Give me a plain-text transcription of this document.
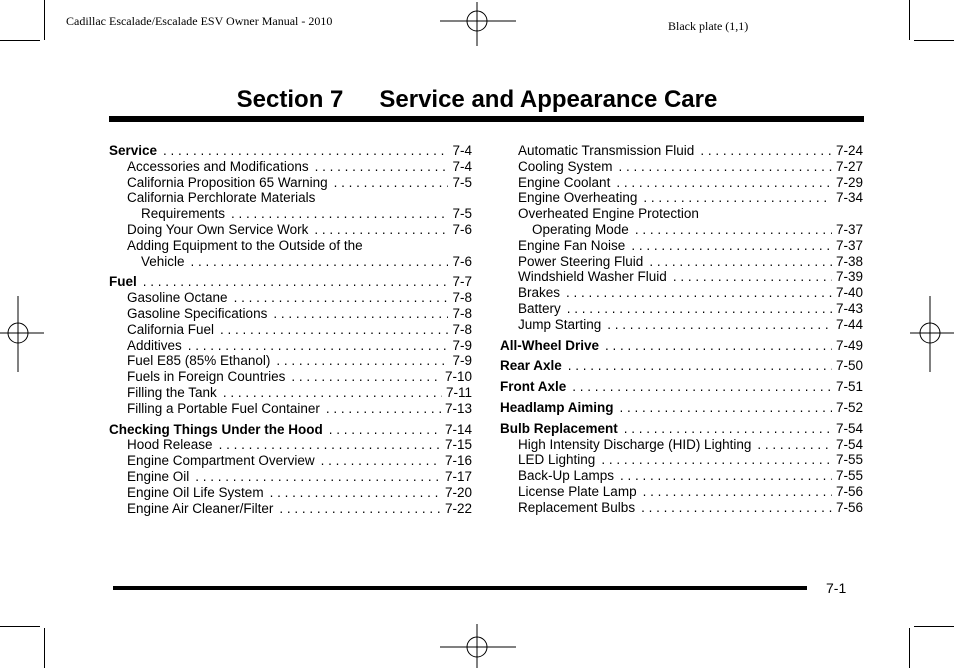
Cadillac Escalade/Escalade ESV Owner Manual - 2010	Black plate (1,1)
Section 7 Service and Appearance Care
Service . . .	7-4
Accessories and Modifications . . .	7-4
California Proposition 65 Warning . . .	7-5
California Perchlorate Materials
Requirements . . .	7-5
Doing Your Own Service Work . . .	7-6
Adding Equipment to the Outside of the
Vehicle . . .	7-6
Fuel . . .	7-7
Gasoline Octane . . .	7-8
Gasoline Specifications . . .	7-8
California Fuel . . .	7-8
Additives . . .	7-9
Fuel E85 (85% Ethanol) . . .	7-9
Fuels in Foreign Countries . . .	7-10
Filling the Tank . . .	7-11
Filling a Portable Fuel Container . . .	7-13
Checking Things Under the Hood . . .	7-14
Hood Release . . .	7-15
Engine Compartment Overview . . .	7-16
Engine Oil . . .	7-17
Engine Oil Life System . . .	7-20
Engine Air Cleaner/Filter . . .	7-22
Automatic Transmission Fluid . . .	7-24
Cooling System . . .	7-27
Engine Coolant . . .	7-29
Engine Overheating . . .	7-34
Overheated Engine Protection
Operating Mode . . .	7-37
Engine Fan Noise . . .	7-37
Power Steering Fluid . . .	7-38
Windshield Washer Fluid . . .	7-39
Brakes . . .	7-40
Battery . . .	7-43
Jump Starting . . .	7-44
All-Wheel Drive . . .	7-49
Rear Axle . . .	7-50
Front Axle . . .	7-51
Headlamp Aiming . . .	7-52
Bulb Replacement . . .	7-54
High Intensity Discharge (HID) Lighting . . .	7-54
LED Lighting . . .	7-55
Back-Up Lamps . . .	7-55
License Plate Lamp . . .	7-56
Replacement Bulbs . . .	7-56
7-1
